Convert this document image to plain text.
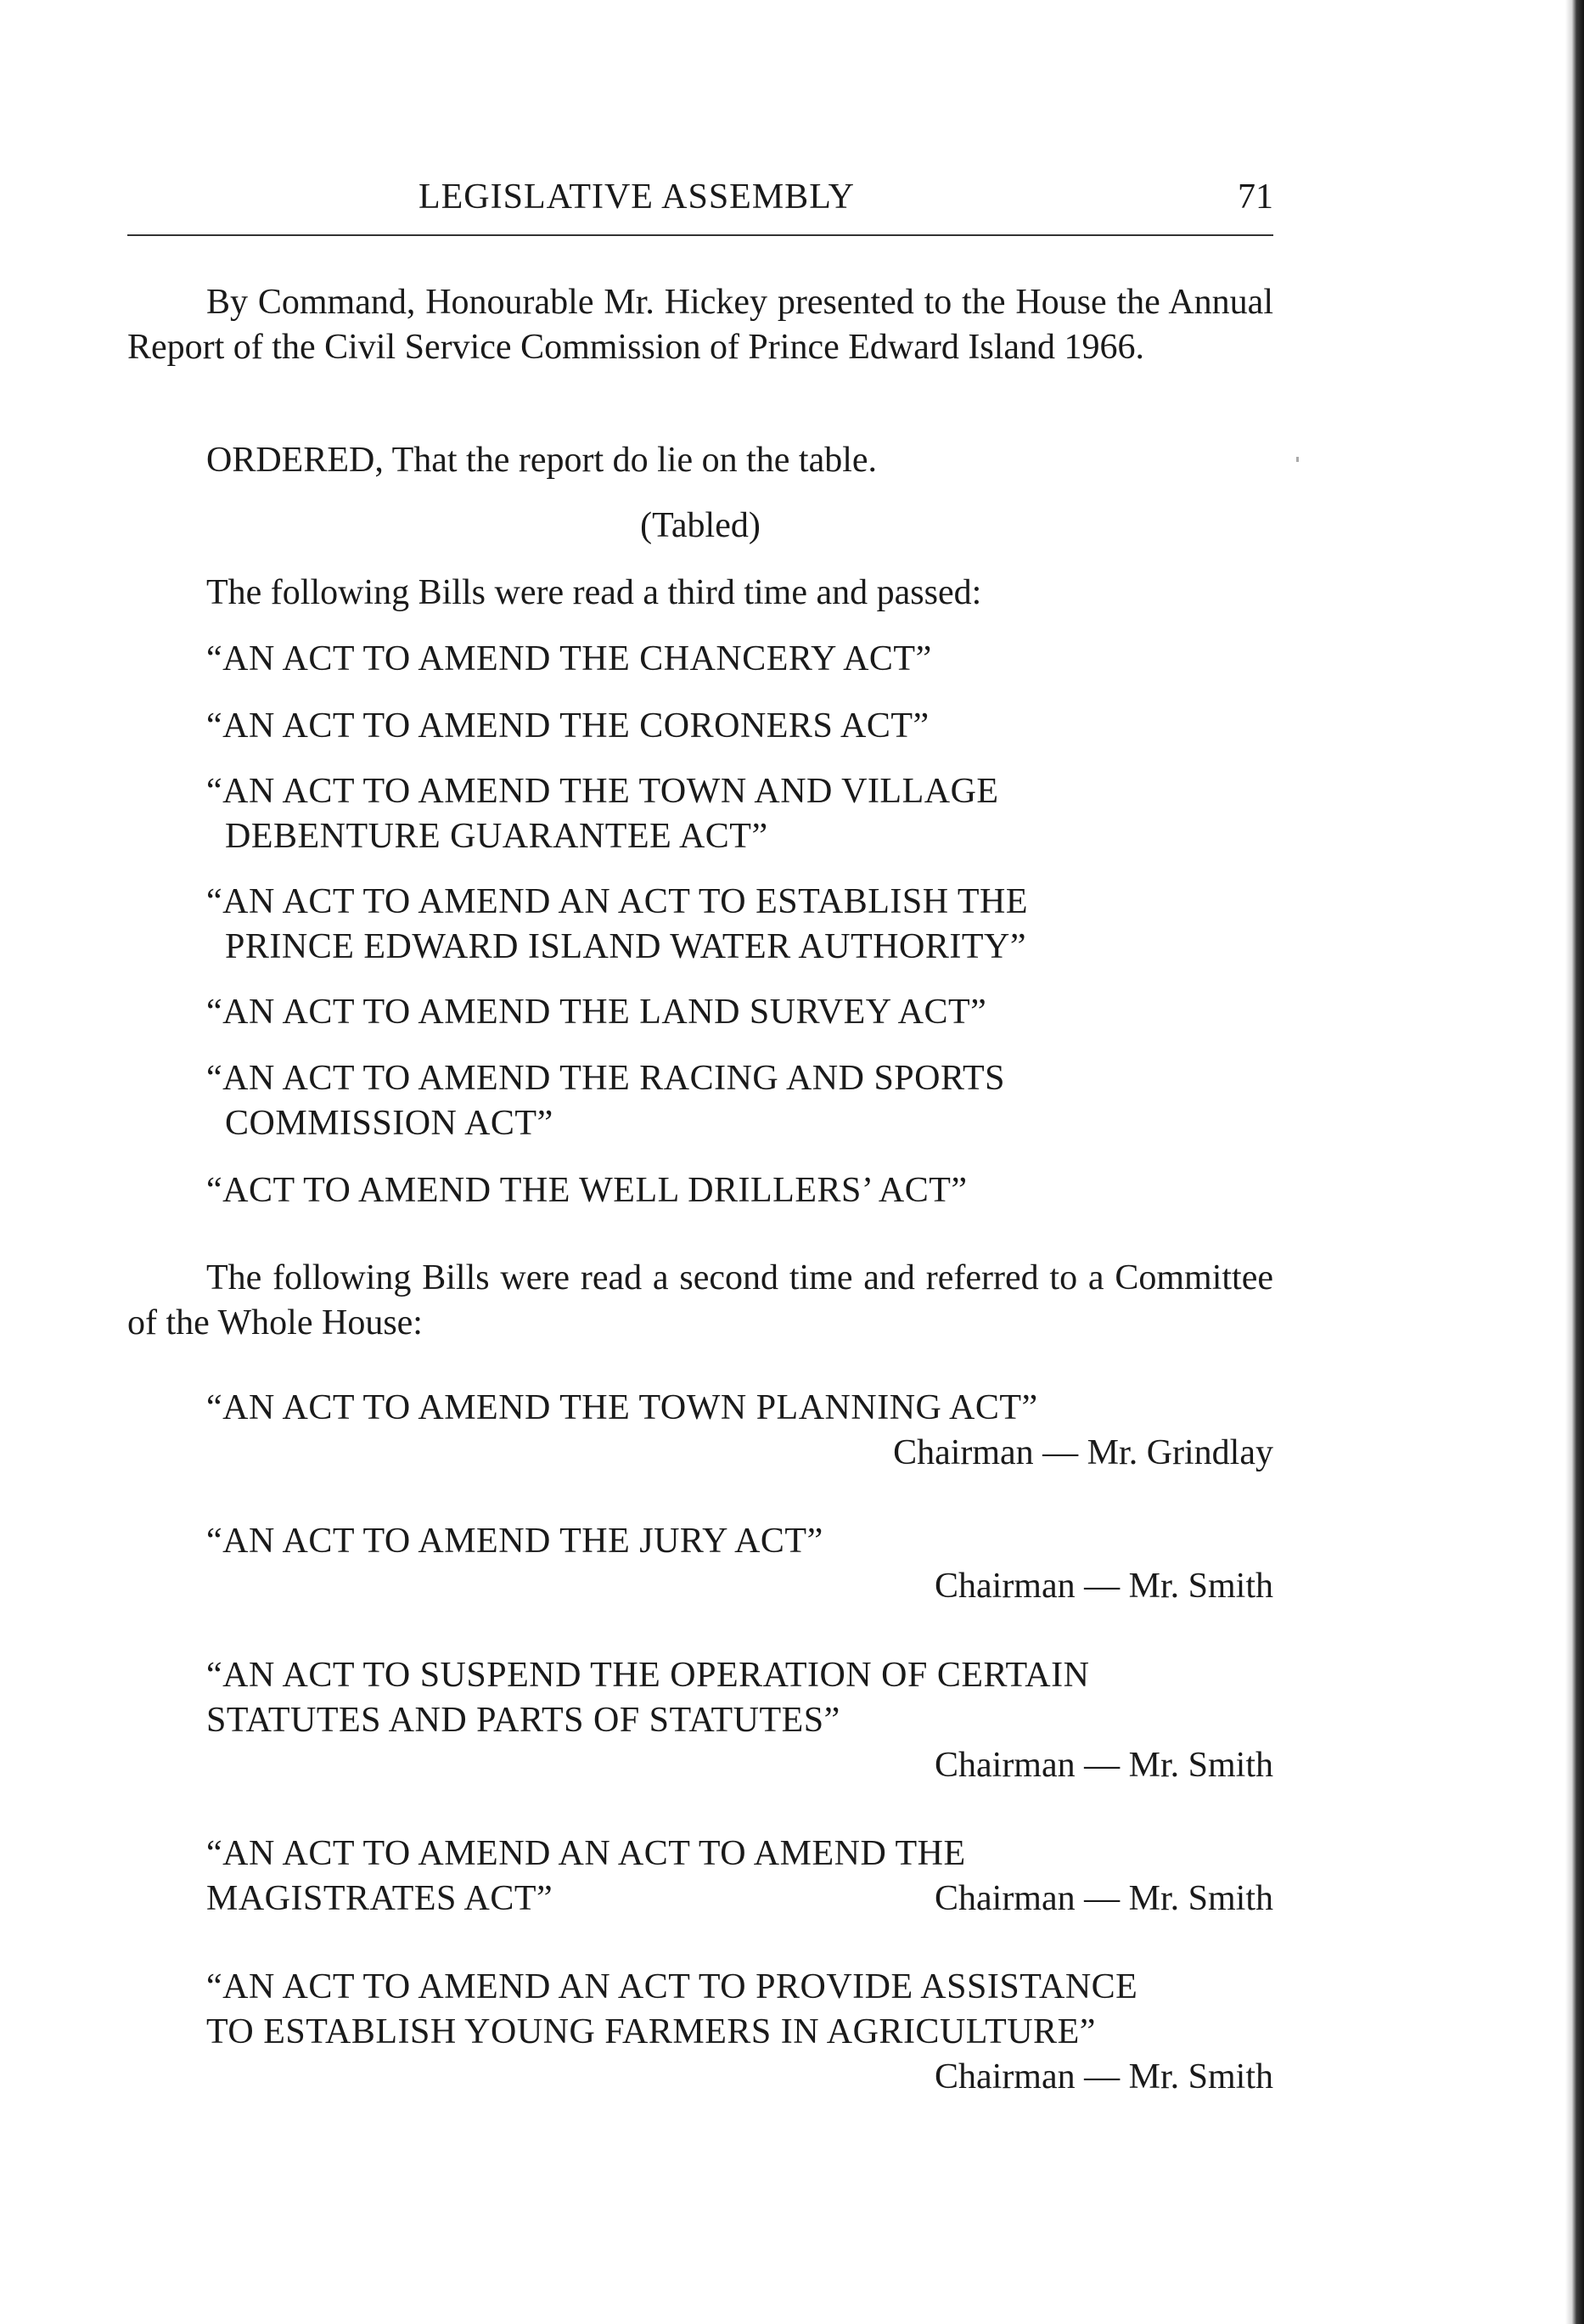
LEGISLATIVE ASSEMBLY	71

By Command, Honourable Mr. Hickey presented to the House the Annual Report of the Civil Service Commission of Prince Edward Island 1966.

ORDERED, That the report do lie on the table.

(Tabled)

The following Bills were read a third time and passed:

“AN ACT TO AMEND THE CHANCERY ACT”
“AN ACT TO AMEND THE CORONERS ACT”
“AN ACT TO AMEND THE TOWN AND VILLAGE
DEBENTURE GUARANTEE ACT”
“AN ACT TO AMEND AN ACT TO ESTABLISH THE
PRINCE EDWARD ISLAND WATER AUTHORITY”
“AN ACT TO AMEND THE LAND SURVEY ACT”
“AN ACT TO AMEND THE RACING AND SPORTS
COMMISSION ACT”
“ACT TO AMEND THE WELL DRILLERS’ ACT”

The following Bills were read a second time and referred to a Committee of the Whole House:

“AN ACT TO AMEND THE TOWN PLANNING ACT”
Chairman — Mr. Grindlay
“AN ACT TO AMEND THE JURY ACT”
Chairman — Mr. Smith
“AN ACT TO SUSPEND THE OPERATION OF CERTAIN
STATUTES AND PARTS OF STATUTES”
Chairman — Mr. Smith
“AN ACT TO AMEND AN ACT TO AMEND THE
MAGISTRATES ACT”	Chairman — Mr. Smith
“AN ACT TO AMEND AN ACT TO PROVIDE ASSISTANCE
TO ESTABLISH YOUNG FARMERS IN AGRICULTURE”
Chairman — Mr. Smith
